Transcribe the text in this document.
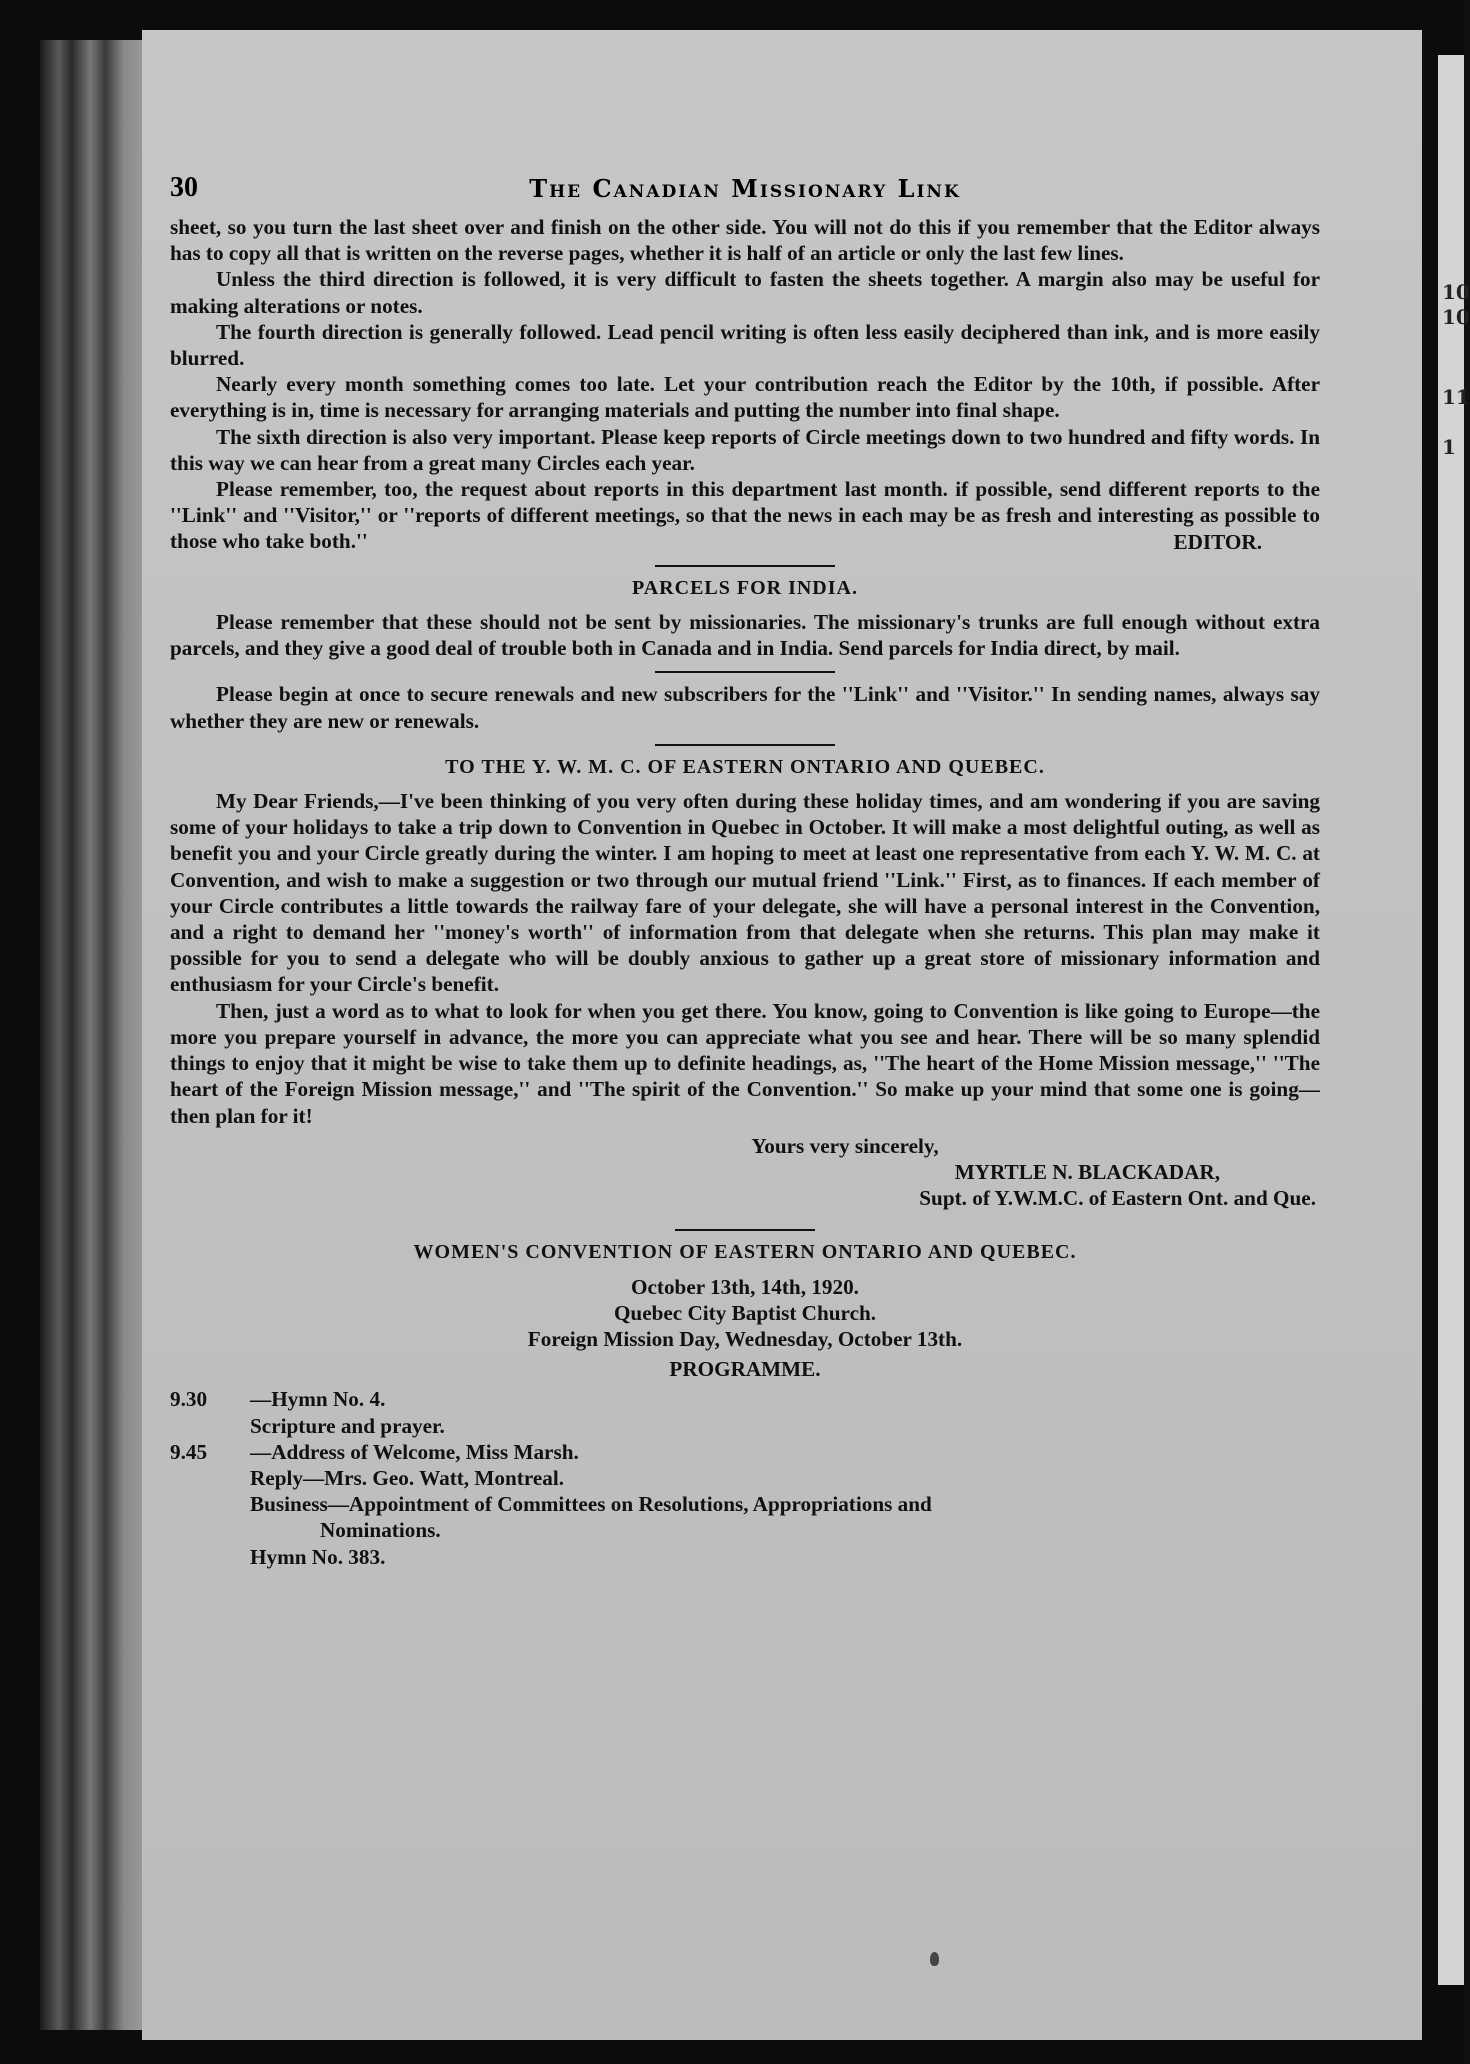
10
10
11
1
30	The Canadian Missionary Link

sheet, so you turn the last sheet over and finish on the other side. You will not do this if you remember that the Editor always has to copy all that is written on the reverse pages, whether it is half of an article or only the last few lines.

Unless the third direction is followed, it is very difficult to fasten the sheets together. A margin also may be useful for making alterations or notes.

The fourth direction is generally followed. Lead pencil writing is often less easily deciphered than ink, and is more easily blurred.

Nearly every month something comes too late. Let your contribution reach the Editor by the 10th, if possible. After everything is in, time is necessary for arranging materials and putting the number into final shape.

The sixth direction is also very important. Please keep reports of Circle meetings down to two hundred and fifty words. In this way we can hear from a great many Circles each year.

Please remember, too, the request about reports in this department last month. if possible, send different reports to the ''Link'' and ''Visitor,'' or ''reports of different meetings, so that the news in each may be as fresh and interesting as possible to those who take both.''	EDITOR.

PARCELS FOR INDIA.

Please remember that these should not be sent by missionaries. The missionary's trunks are full enough without extra parcels, and they give a good deal of trouble both in Canada and in India. Send parcels for India direct, by mail.

Please begin at once to secure renewals and new subscribers for the ''Link'' and ''Visitor.'' In sending names, always say whether they are new or renewals.

TO THE Y. W. M. C. OF EASTERN ONTARIO AND QUEBEC.

My Dear Friends,—I've been thinking of you very often during these holiday times, and am wondering if you are saving some of your holidays to take a trip down to Convention in Quebec in October. It will make a most delightful outing, as well as benefit you and your Circle greatly during the winter. I am hoping to meet at least one representative from each Y. W. M. C. at Convention, and wish to make a suggestion or two through our mutual friend ''Link.'' First, as to finances. If each member of your Circle contributes a little towards the railway fare of your delegate, she will have a personal interest in the Convention, and a right to demand her ''money's worth'' of information from that delegate when she returns. This plan may make it possible for you to send a delegate who will be doubly anxious to gather up a great store of missionary information and enthusiasm for your Circle's benefit.

Then, just a word as to what to look for when you get there. You know, going to Convention is like going to Europe—the more you prepare yourself in advance, the more you can appreciate what you see and hear. There will be so many splendid things to enjoy that it might be wise to take them up to definite headings, as, ''The heart of the Home Mission message,'' ''The heart of the Foreign Mission message,'' and ''The spirit of the Convention.'' So make up your mind that some one is going—then plan for it!

Yours very sincerely,

MYRTLE N. BLACKADAR,

Supt. of Y.W.M.C. of Eastern Ont. and Que.

WOMEN'S CONVENTION OF EASTERN ONTARIO AND QUEBEC.

October 13th, 14th, 1920.

Quebec City Baptist Church.

Foreign Mission Day, Wednesday, October 13th.

PROGRAMME.

9.30	—Hymn No. 4.
Scripture and prayer.
9.45	—Address of Welcome, Miss Marsh.
Reply—Mrs. Geo. Watt, Montreal.
Business—Appointment of Committees on Resolutions, Appropriations and
Nominations.
Hymn No. 383.
